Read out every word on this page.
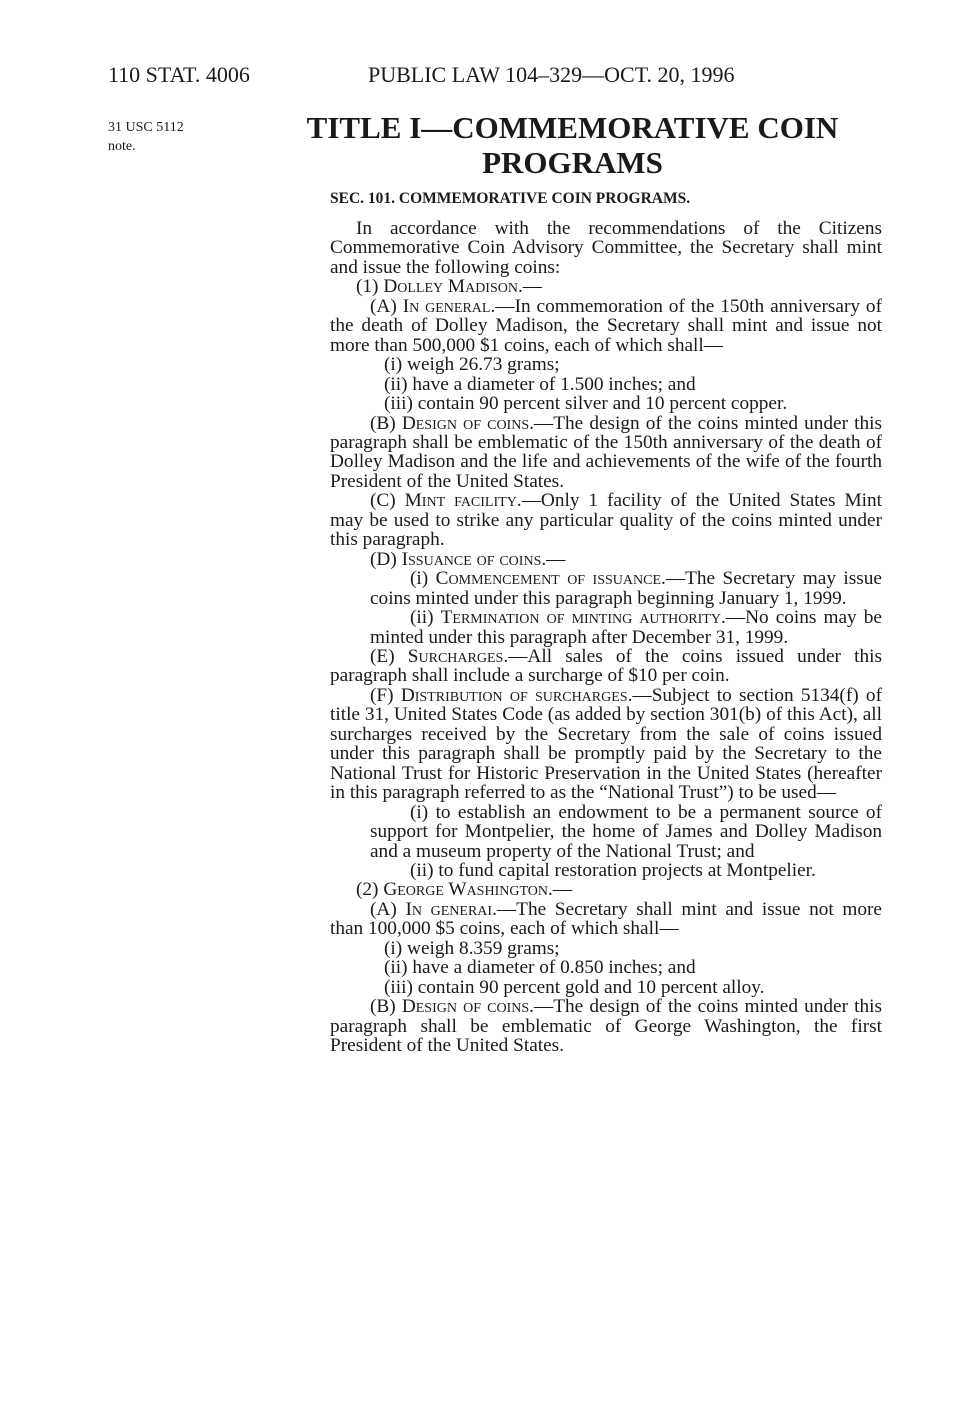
110 STAT. 4006	PUBLIC LAW 104–329—OCT. 20, 1996
31 USC 5112
note.
TITLE I—COMMEMORATIVE COIN
PROGRAMS
SEC. 101. COMMEMORATIVE COIN PROGRAMS.

In accordance with the recommendations of the Citizens Commemorative Coin Advisory Committee, the Secretary shall mint and issue the following coins:

(1) Dolley Madison.—

(A) In general.—In commemoration of the 150th anniversary of the death of Dolley Madison, the Secretary shall mint and issue not more than 500,000 $1 coins, each of which shall—

(i) weigh 26.73 grams;

(ii) have a diameter of 1.500 inches; and

(iii) contain 90 percent silver and 10 percent copper.

(B) Design of coins.—The design of the coins minted under this paragraph shall be emblematic of the 150th anniversary of the death of Dolley Madison and the life and achievements of the wife of the fourth President of the United States.

(C) Mint facility.—Only 1 facility of the United States Mint may be used to strike any particular quality of the coins minted under this paragraph.

(D) Issuance of coins.—

(i) Commencement of issuance.—The Secretary may issue coins minted under this paragraph beginning January 1, 1999.

(ii) Termination of minting authority.—No coins may be minted under this paragraph after December 31, 1999.

(E) Surcharges.—All sales of the coins issued under this paragraph shall include a surcharge of $10 per coin.

(F) Distribution of surcharges.—Subject to section 5134(f) of title 31, United States Code (as added by section 301(b) of this Act), all surcharges received by the Secretary from the sale of coins issued under this paragraph shall be promptly paid by the Secretary to the National Trust for Historic Preservation in the United States (hereafter in this paragraph referred to as the “National Trust”) to be used—

(i) to establish an endowment to be a permanent source of support for Montpelier, the home of James and Dolley Madison and a museum property of the National Trust; and

(ii) to fund capital restoration projects at Montpelier.

(2) George Washington.—

(A) In generai.—The Secretary shall mint and issue not more than 100,000 $5 coins, each of which shall—

(i) weigh 8.359 grams;

(ii) have a diameter of 0.850 inches; and

(iii) contain 90 percent gold and 10 percent alloy.

(B) Design of coins.—The design of the coins minted under this paragraph shall be emblematic of George Washington, the first President of the United States.
